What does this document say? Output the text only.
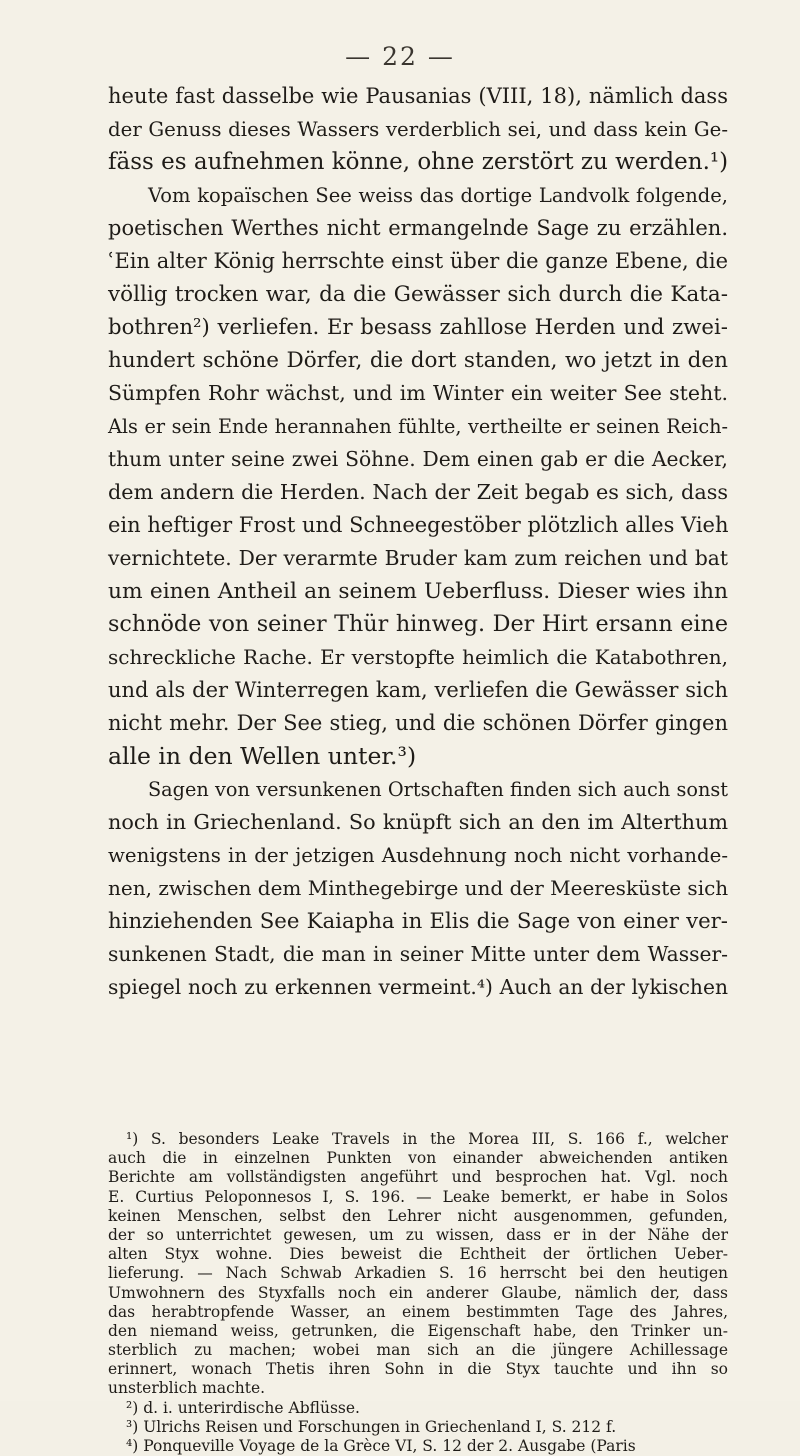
— 22 —
heute fast dasselbe wie Pausanias (VIII, 18), nämlich dass
der Genuss dieses Wassers verderblich sei, und dass kein Ge-
fäss es aufnehmen könne, ohne zerstört zu werden.¹)
Vom kopaïschen See weiss das dortige Landvolk folgende,
poetischen Werthes nicht ermangelnde Sage zu erzählen.
ʿEin alter König herrschte einst über die ganze Ebene, die
völlig trocken war, da die Gewässer sich durch die Kata-
bothren²) verliefen. Er besass zahllose Herden und zwei-
hundert schöne Dörfer, die dort standen, wo jetzt in den
Sümpfen Rohr wächst, und im Winter ein weiter See steht.
Als er sein Ende herannahen fühlte, vertheilte er seinen Reich-
thum unter seine zwei Söhne. Dem einen gab er die Aecker,
dem andern die Herden. Nach der Zeit begab es sich, dass
ein heftiger Frost und Schneegestöber plötzlich alles Vieh
vernichtete. Der verarmte Bruder kam zum reichen und bat
um einen Antheil an seinem Ueberfluss. Dieser wies ihn
schnöde von seiner Thür hinweg. Der Hirt ersann eine
schreckliche Rache. Er verstopfte heimlich die Katabothren,
und als der Winterregen kam, verliefen die Gewässer sich
nicht mehr. Der See stieg, und die schönen Dörfer gingen
alle in den Wellen unter.³)
Sagen von versunkenen Ortschaften finden sich auch sonst
noch in Griechenland. So knüpft sich an den im Alterthum
wenigstens in der jetzigen Ausdehnung noch nicht vorhande-
nen, zwischen dem Minthegebirge und der Meeresküste sich
hinziehenden See Kaiapha in Elis die Sage von einer ver-
sunkenen Stadt, die man in seiner Mitte unter dem Wasser-
spiegel noch zu erkennen vermeint.⁴) Auch an der lykischen
¹) S. besonders Leake Travels in the Morea III, S. 166 f., welcher
auch die in einzelnen Punkten von einander abweichenden antiken
Berichte am vollständigsten angeführt und besprochen hat. Vgl. noch
E. Curtius Peloponnesos I, S. 196. — Leake bemerkt, er habe in Solos
keinen Menschen, selbst den Lehrer nicht ausgenommen, gefunden,
der so unterrichtet gewesen, um zu wissen, dass er in der Nähe der
alten Styx wohne. Dies beweist die Echtheit der örtlichen Ueber-
lieferung. — Nach Schwab Arkadien S. 16 herrscht bei den heutigen
Umwohnern des Styxfalls noch ein anderer Glaube, nämlich der, dass
das herabtropfende Wasser, an einem bestimmten Tage des Jahres,
den niemand weiss, getrunken, die Eigenschaft habe, den Trinker un-
sterblich zu machen; wobei man sich an die jüngere Achillessage
erinnert, wonach Thetis ihren Sohn in die Styx tauchte und ihn so
unsterblich machte.
²) d. i. unterirdische Abflüsse.
³) Ulrichs Reisen und Forschungen in Griechenland I, S. 212 f.
⁴) Ponqueville Voyage de la Grèce VI, S. 12 der 2. Ausgabe (Paris
